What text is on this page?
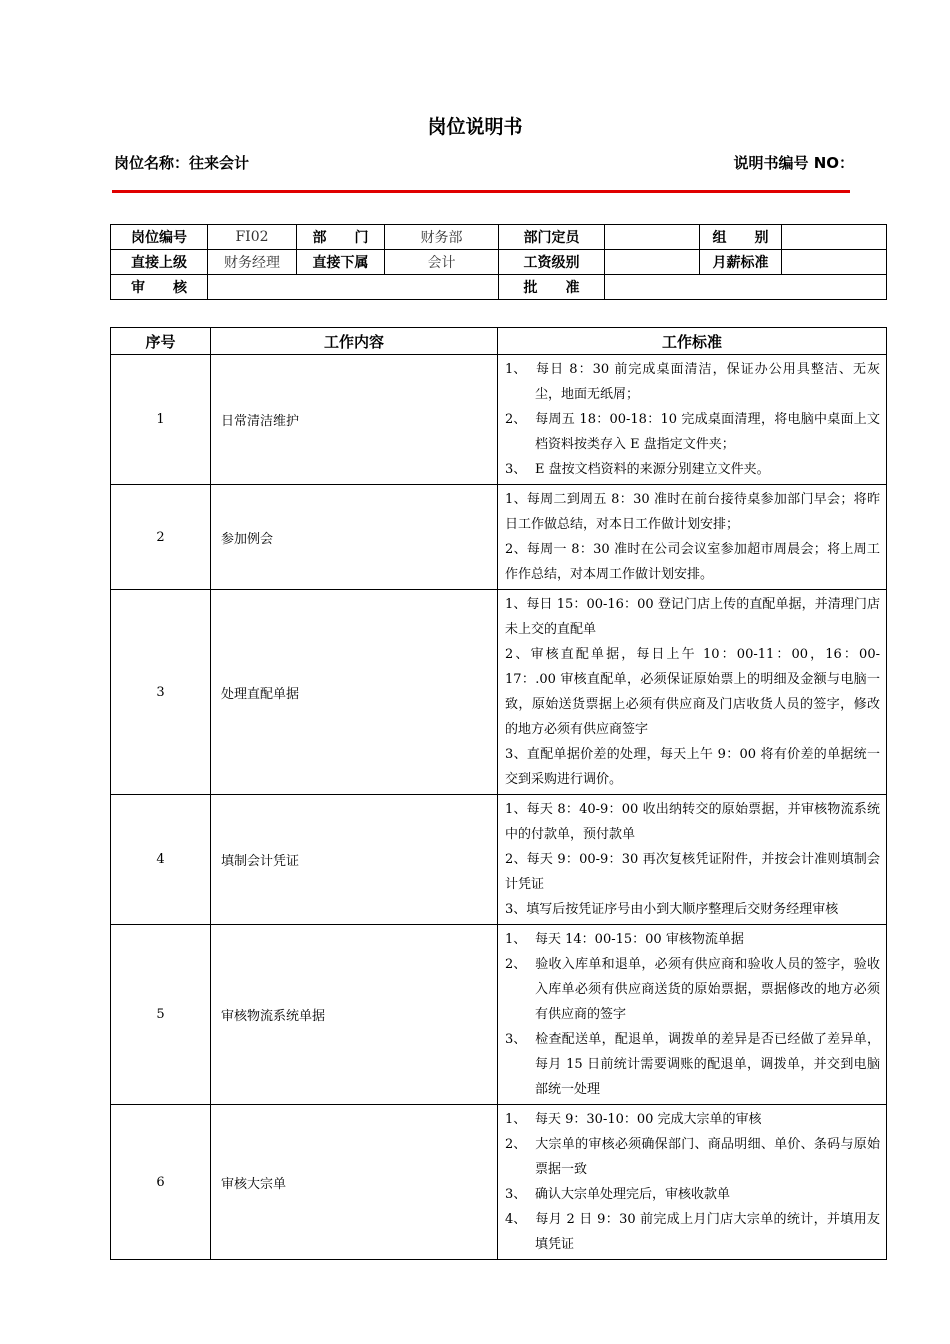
岗位说明书
岗位名称：往来会计	说明书编号 NO：
岗位编号	FI02	部　　门	财务部	部门定员		组　　别	
直接上级	财务经理	直接下属	会计	工资级别		月薪标准	
审　　核				批　　准			
序号	工作内容	工作标准
1	日常清洁维护	1、 每日 8：30 前完成桌面清洁，保证办公用具整洁、无灰尘，地面无纸屑；
2、 每周五 18：00-18：10 完成桌面清理，将电脑中桌面上文档资料按类存入 E 盘指定文件夹；
3、 E 盘按文档资料的来源分别建立文件夹。

2	参加例会	1、每周二到周五 8：30 准时在前台接待桌参加部门早会；将昨日工作做总结，对本日工作做计划安排；
2、每周一 8：30 准时在公司会议室参加超市周晨会；将上周工作作总结，对本周工作做计划安排。

3	处理直配单据	1、每日 15：00-16：00 登记门店上传的直配单据，并清理门店未上交的直配单
2、审核直配单据，每日上午 10：00-11：00，16：00-17：.00 审核直配单，必须保证原始票上的明细及金额与电脑一致，原始送货票据上必须有供应商及门店收货人员的签字，修改的地方必须有供应商签字
3、直配单据价差的处理，每天上午 9：00 将有价差的单据统一交到采购进行调价。

4	填制会计凭证	1、每天 8：40-9：00 收出纳转交的原始票据，并审核物流系统中的付款单，预付款单
2、每天 9：00-9：30 再次复核凭证附件，并按会计准则填制会计凭证
3、填写后按凭证序号由小到大顺序整理后交财务经理审核

5	审核物流系统单据	1、 每天 14：00-15：00 审核物流单据
2、 验收入库单和退单，必须有供应商和验收人员的签字，验收入库单必须有供应商送货的原始票据，票据修改的地方必须有供应商的签字
3、 检查配送单，配退单，调拨单的差异是否已经做了差异单，每月 15 日前统计需要调账的配退单，调拨单，并交到电脑部统一处理

6	审核大宗单	1、 每天 9：30-10：00 完成大宗单的审核
2、 大宗单的审核必须确保部门、商品明细、单价、条码与原始票据一致
3、 确认大宗单处理完后，审核收款单
4、 每月 2 日 9：30 前完成上月门店大宗单的统计，并填用友填凭证
